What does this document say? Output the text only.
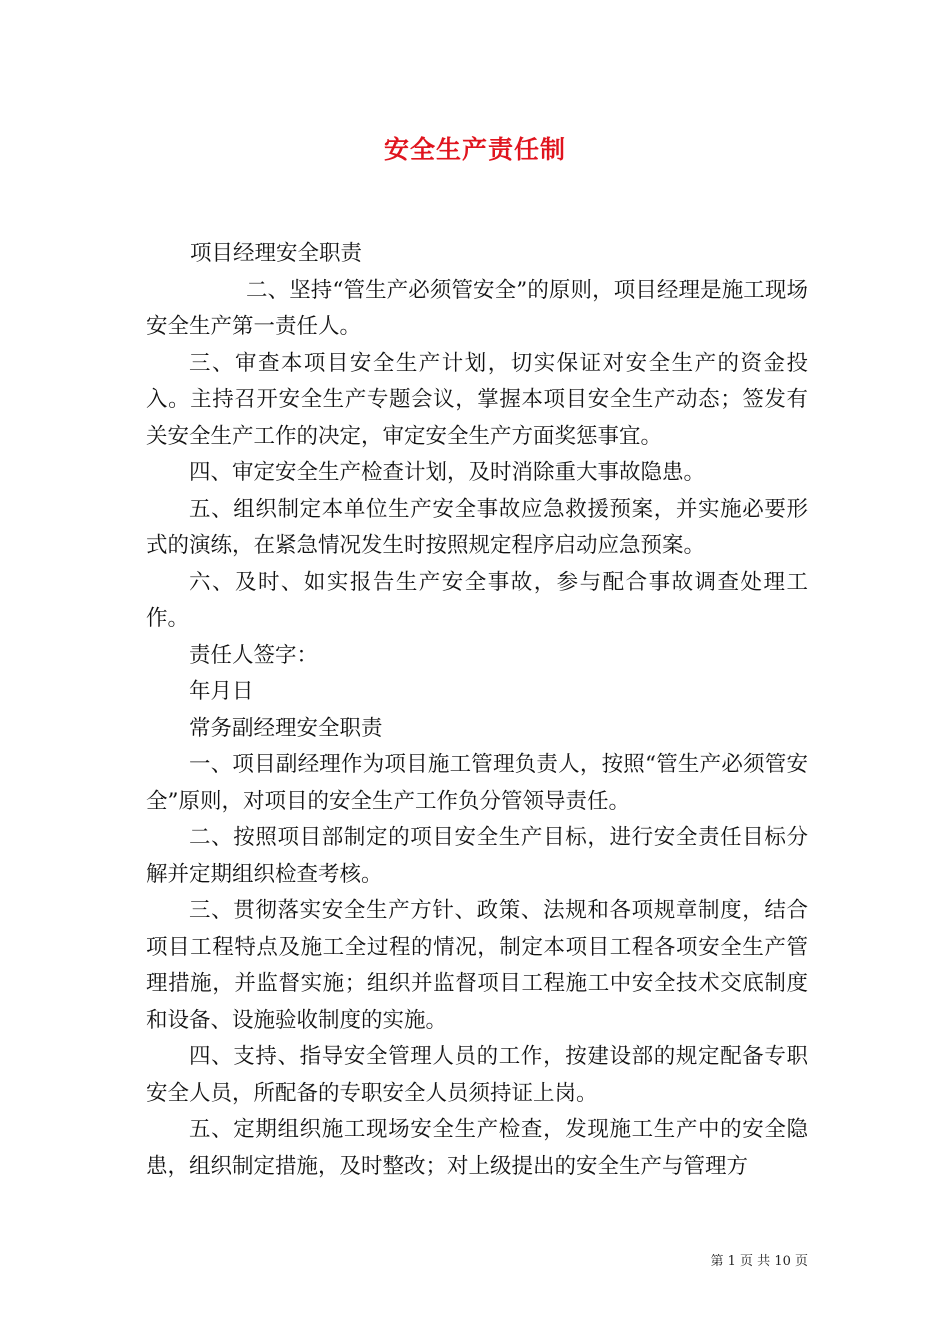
安全生产责任制

项目经理安全职责

二、坚持“管生产必须管安全”的原则，项目经理是施工现场安全生产第一责任人。

三、审查本项目安全生产计划，切实保证对安全生产的资金投入。主持召开安全生产专题会议，掌握本项目安全生产动态；签发有关安全生产工作的决定，审定安全生产方面奖惩事宜。

四、审定安全生产检查计划，及时消除重大事故隐患。

五、组织制定本单位生产安全事故应急救援预案，并实施必要形式的演练，在紧急情况发生时按照规定程序启动应急预案。

六、及时、如实报告生产安全事故，参与配合事故调查处理工作。

责任人签字：

年月日

常务副经理安全职责

一、项目副经理作为项目施工管理负责人，按照“管生产必须管安全”原则，对项目的安全生产工作负分管领导责任。

二、按照项目部制定的项目安全生产目标，进行安全责任目标分解并定期组织检查考核。

三、贯彻落实安全生产方针、政策、法规和各项规章制度，结合项目工程特点及施工全过程的情况，制定本项目工程各项安全生产管理措施，并监督实施；组织并监督项目工程施工中安全技术交底制度和设备、设施验收制度的实施。

四、支持、指导安全管理人员的工作，按建设部的规定配备专职安全人员，所配备的专职安全人员须持证上岗。

五、定期组织施工现场安全生产检查，发现施工生产中的安全隐患，组织制定措施，及时整改；对上级提出的安全生产与管理方

第 1 页 共 10 页
